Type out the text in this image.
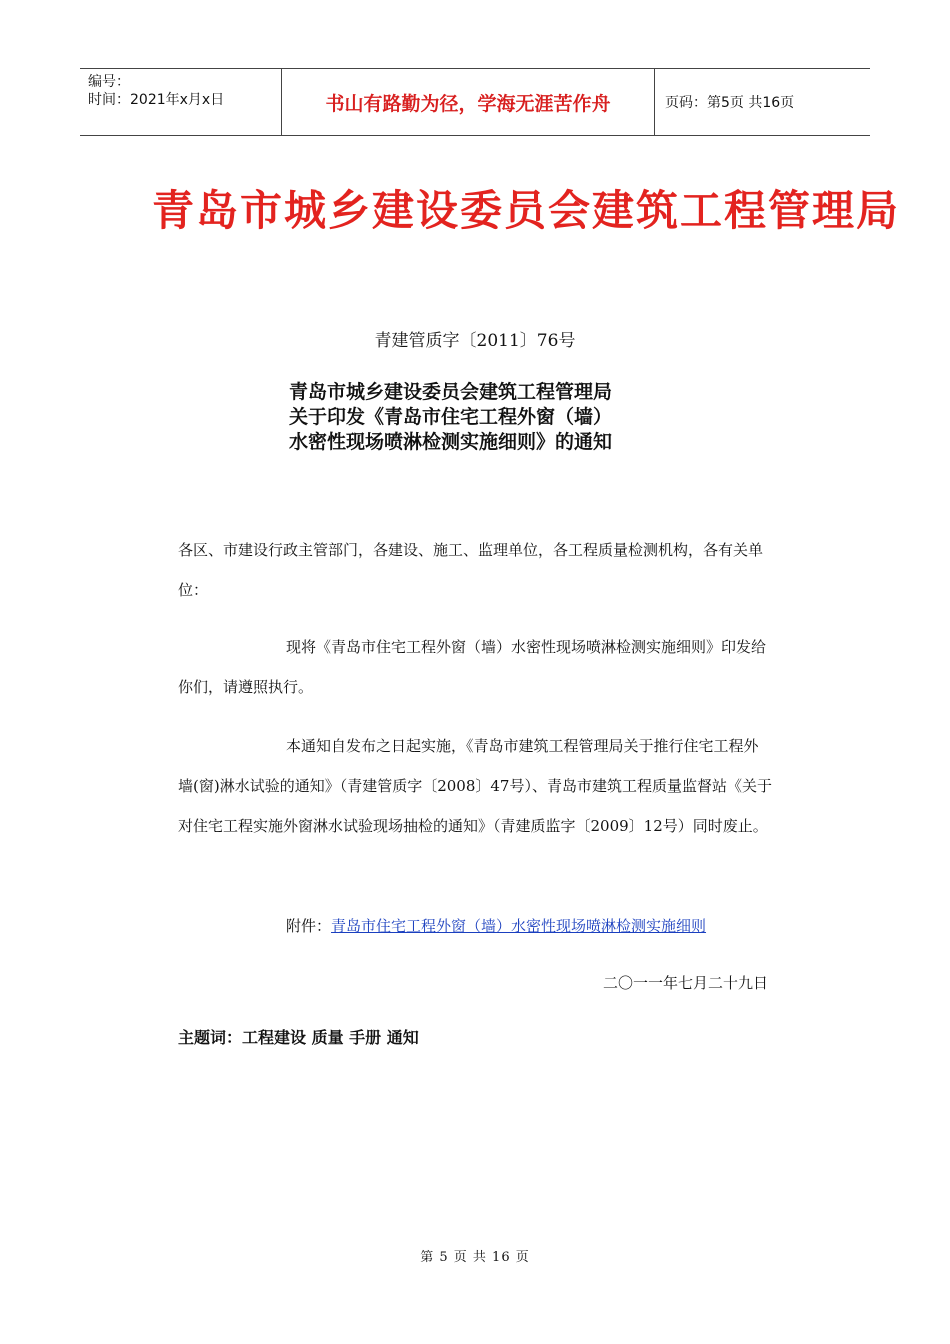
编号：
时间：2021年x月x日	书山有路勤为径，学海无涯苦作舟	页码：第5页 共16页
青岛市城乡建设委员会建筑工程管理局
青建管质字〔2011〕76号
青岛市城乡建设委员会建筑工程管理局
关于印发《青岛市住宅工程外窗（墙）
水密性现场喷淋检测实施细则》的通知
各区、市建设行政主管部门，各建设、施工、监理单位，各工程质量检测机构，各有关单位：
现将《青岛市住宅工程外窗（墙）水密性现场喷淋检测实施细则》印发给你们，请遵照执行。
本通知自发布之日起实施，《青岛市建筑工程管理局关于推行住宅工程外墙(窗)淋水试验的通知》（青建管质字〔2008〕47号）、青岛市建筑工程质量监督站《关于对住宅工程实施外窗淋水试验现场抽检的通知》（青建质监字〔2009〕12号）同时废止。
附件：青岛市住宅工程外窗（墙）水密性现场喷淋检测实施细则
二〇一一年七月二十九日
主题词：工程建设 质量 手册 通知
第 5 页 共 16 页
